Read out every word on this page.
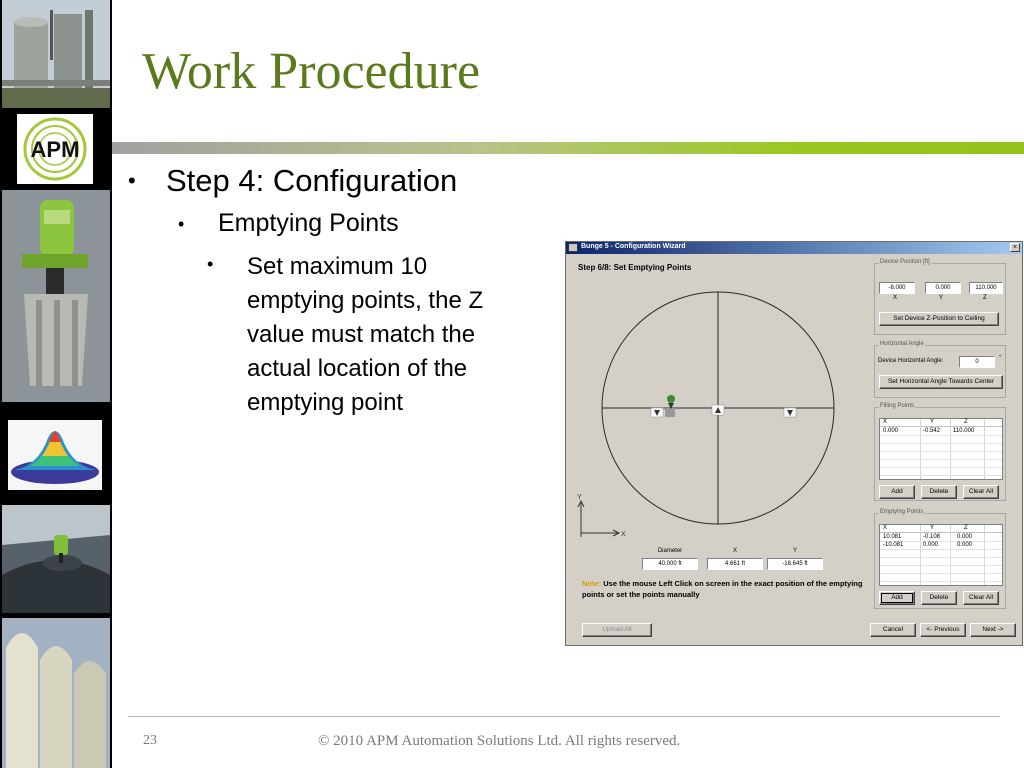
APM
Work Procedure
• Step 4: Configuration
•	Emptying Points
•	Set maximum 10
emptying points, the Z
value must match the
actual location of the
emptying point
Bunge 5 - Configuration Wizard	×
Step 6/8: Set Emptying Points
Y
X
Diameter
40.000 ft
X
4.661 ft
Y
-18.645 ft
Note: Use the mouse Left Click on screen in the exact position of the emptying points or set the points manually
Device Position [ft]
-8.000	0.000	110.000
X	Y	Z
Set Device Z-Position to Ceiling
Horizontal Angle
Device Horizontal Angle:	0
°
Set Horizontal Angle Towards Center
Filling Points
X	Y	Z
0.000	-0.542 110.000
Add	Delete	Clear All
Emptying Points
X	Y	Z
10.081	-0.108	0.000
-10.081	0.000	0.000
Add	Delete	Clear All
Upload All	Cancel	<- Previous	Next ->
23	© 2010 APM Automation Solutions Ltd. All rights reserved.
